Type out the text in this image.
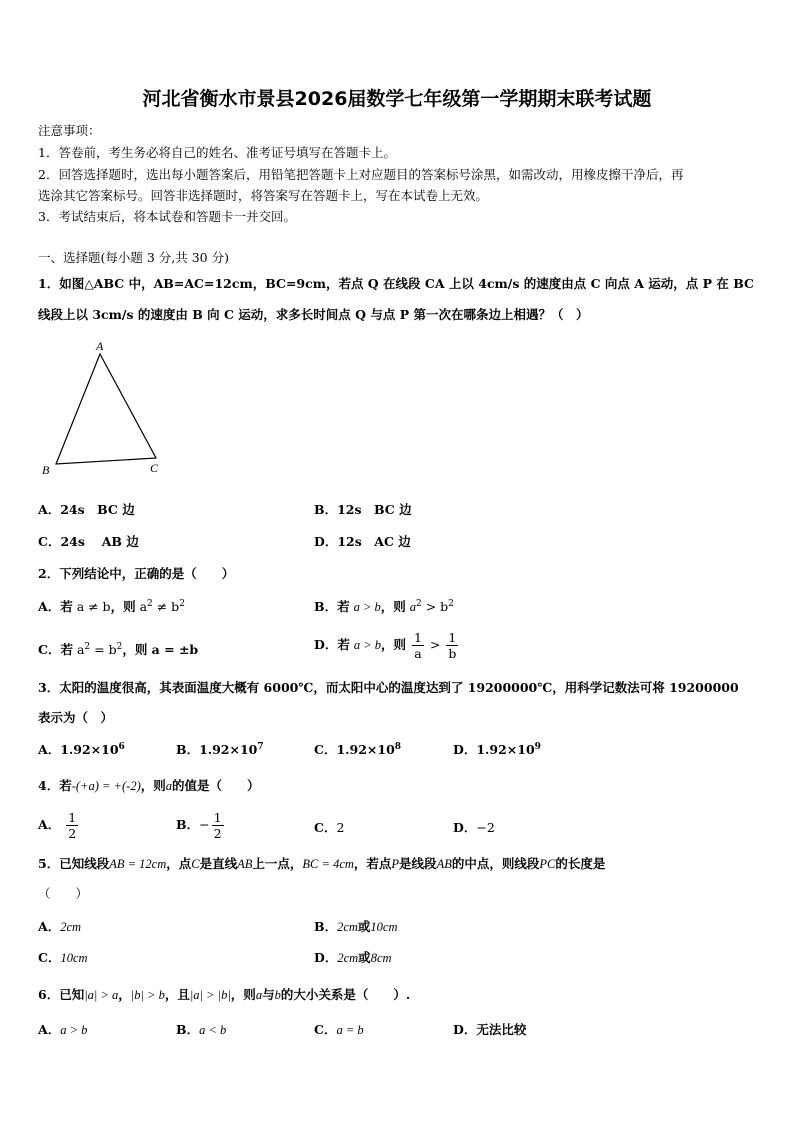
河北省衡水市景县2026届数学七年级第一学期期末联考试题
注意事项：
1．答卷前，考生务必将自己的姓名、准考证号填写在答题卡上。
2．回答选择题时，选出每小题答案后，用铅笔把答题卡上对应题目的答案标号涂黑，如需改动，用橡皮擦干净后，再
选涂其它答案标号。回答非选择题时，将答案写在答题卡上，写在本试卷上无效。
3．考试结束后，将本试卷和答题卡一并交回。
一、选择题(每小题 3 分,共 30 分)
1．如图△ABC 中，AB=AC=12cm，BC=9cm，若点 Q 在线段 CA 上以 4cm/s 的速度由点 C 向点 A 运动，点 P 在 BC
线段上以 3cm/s 的速度由 B 向 C 运动，求多长时间点 Q 与点 P 第一次在哪条边上相遇？（　）
A
B	C
A．24s　BC 边	B．12s　BC 边
C．24s　 AB 边	D．12s　AC 边
2．下列结论中，正确的是（　　）
A．若 a ≠ b，则 $a^2 \ne b^2$	B．若 a > b，则 $a^2 > b^2$
C．若 $a^2 = b^2$，则 a = ±b	D．若 a > b，则 $\frac{1}{a} > \frac{1}{b}$
3．太阳的温度很高，其表面温度大概有 6000℃，而太阳中心的温度达到了 19200000℃，用科学记数法可将 19200000
表示为（　）
A．$1.92\times 10^6$	B．$1.92\times 10^7$	C．$1.92\times 10^8$	D．$1.92\times 10^9$
4．若-(+a) = +(-2)，则a的值是（　　）
A． $\frac{1}{2}$	B．− $\frac{1}{2}$	C．2	D．−2
5．已知线段AB = 12cm，点C是直线AB上一点，BC = 4cm，若点P是线段AB的中点，则线段PC的长度是
（　　）
A．2cm	B．2cm或10cm
C．10cm	D．2cm或8cm
6．已知|a| > a，|b| > b，且|a| > |b|，则a与b的大小关系是（　　）.
A．a > b	B．a < b	C．a = b	D．无法比较
